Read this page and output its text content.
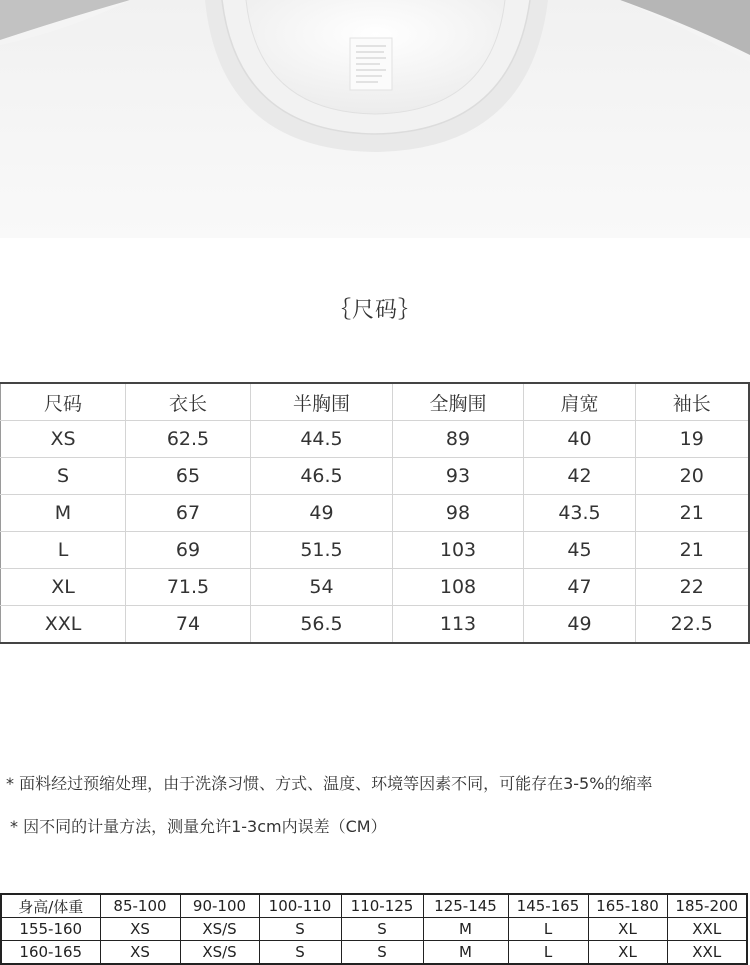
｛尺码｝
尺码	衣长	半胸围	全胸围	肩宽	袖长
XS	62.5	44.5	89	40	19
S	65	46.5	93	42	20
M	67	49	98	43.5	21
L	69	51.5	103	45	21
XL	71.5	54	108	47	22
XXL	74	56.5	113	49	22.5
* 面料经过预缩处理，由于洗涤习惯、方式、温度、环境等因素不同，可能存在3-5%的缩率
* 因不同的计量方法，测量允许1-3cm内误差（CM）
身高/体重	85-100	90-100	100-110	110-125	125-145	145-165	165-180	185-200
155-160	XS	XS/S	S	S	M	L	XL	XXL
160-165	XS	XS/S	S	S	M	L	XL	XXL
